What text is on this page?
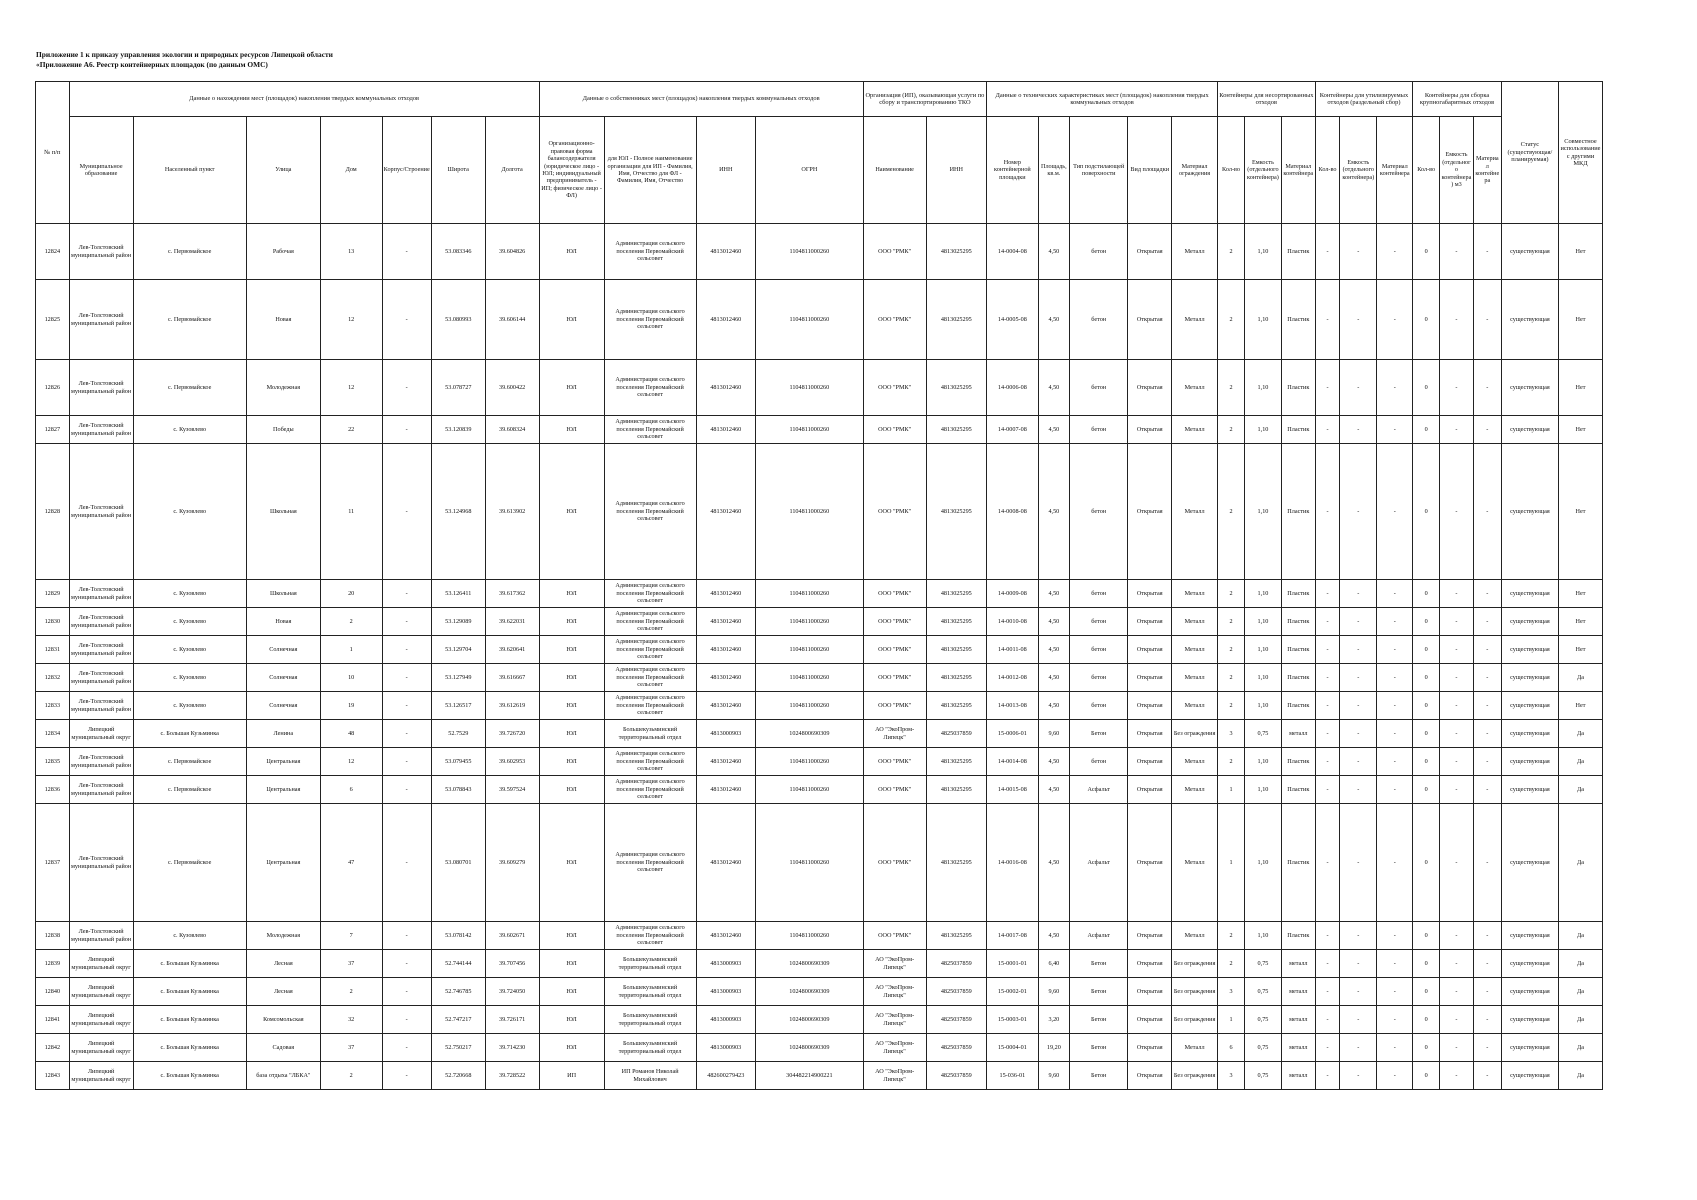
Приложение 1 к приказу управления экологии и природных ресурсов Липецкой области
«Приложение А6. Реестр контейнерных площадок (по данным ОМС)
№ п/п	Данные о нахождении мест (площадок) накопления твердых коммунальных отходов							Данные о собственниках мест (площадок) накопления твердых коммунальных отходов				Организация (ИП), оказывающая услуги по сбору и транспортированию ТКО		Данные о технических характеристиках мест (площадок) накопления твердых коммунальных отходов					Контейнеры для несортированных отходов			Контейнеры для утилизируемых отходов (раздельный сбор)			Контейнеры для сборка крупногабаритных отходов			Статус (существующая/планируемая)	Совместное использование с другими МКД
	Муниципальное образование	Населенный пункт	Улица	Дом	Корпус/Строение	Широта	Долгота	Организационно-правовая форма балансодержателя (юридическое лицо - ЮЛ; индивидуальный предприниматель - ИП; физическое лицо - ФЛ)	для ЮЛ - Полное наименование организации для ИП - Фамилия, Имя, Отчество для ФЛ - Фамилия, Имя, Отчество	ИНН	ОГРН	Наименование	ИНН	Номер контейнерной площадки	Площадь, кв.м.	Тип подстилающей поверхности	Вид площадки	Материал ограждения	Кол-во	Емкость (отдельного контейнера)	Материал контейнера	Кол-во	Емкость (отдельного контейнера)	Материал контейнера	Кол-во	Емкость (отдельного контейнера) м3	Материал контейнера		
12824	Лев-Толстовский муниципальный район	с. Первомайское	Рабочая	13	-	53.083346	39.604826	ЮЛ	Администрация сельского поселения Первомайский сельсовет	4813012460	1104811000260	ООО "РМК"	4813025295	14-0004-08	4,50	бетон	Открытая	Металл	2	1,10	Пластик	-	-	-	0	-	-	существующая	Нет
12825	Лев-Толстовский муниципальный район	с. Первомайское	Новая	12	-	53.080993	39.606144	ЮЛ	Администрация сельского поселения Первомайский сельсовет	4813012460	1104811000260	ООО "РМК"	4813025295	14-0005-08	4,50	бетон	Открытая	Металл	2	1,10	Пластик	-	-	-	0	-	-	существующая	Нет
12826	Лев-Толстовский муниципальный район	с. Первомайское	Молодежная	12	-	53.078727	39.600422	ЮЛ	Администрация сельского поселения Первомайский сельсовет	4813012460	1104811000260	ООО "РМК"	4813025295	14-0006-08	4,50	бетон	Открытая	Металл	2	1,10	Пластик	-	-	-	0	-	-	существующая	Нет
12827	Лев-Толстовский муниципальный район	с. Кузовлево	Победы	22	-	53.120839	39.608324	ЮЛ	Администрация сельского поселения Первомайский сельсовет	4813012460	1104811000260	ООО "РМК"	4813025295	14-0007-08	4,50	бетон	Открытая	Металл	2	1,10	Пластик	-	-	-	0	-	-	существующая	Нет
12828	Лев-Толстовский муниципальный район	с. Кузовлево	Школьная	11	-	53.124968	39.613902	ЮЛ	Администрация сельского поселения Первомайский сельсовет	4813012460	1104811000260	ООО "РМК"	4813025295	14-0008-08	4,50	бетон	Открытая	Металл	2	1,10	Пластик	-	-	-	0	-	-	существующая	Нет
12829	Лев-Толстовский муниципальный район	с. Кузовлево	Школьная	20	-	53.126411	39.617362	ЮЛ	Администрация сельского поселения Первомайский сельсовет	4813012460	1104811000260	ООО "РМК"	4813025295	14-0009-08	4,50	бетон	Открытая	Металл	2	1,10	Пластик	-	-	-	0	-	-	существующая	Нет
12830	Лев-Толстовский муниципальный район	с. Кузовлево	Новая	2	-	53.129089	39.622031	ЮЛ	Администрация сельского поселения Первомайский сельсовет	4813012460	1104811000260	ООО "РМК"	4813025295	14-0010-08	4,50	бетон	Открытая	Металл	2	1,10	Пластик	-	-	-	0	-	-	существующая	Нет
12831	Лев-Толстовский муниципальный район	с. Кузовлево	Солнечная	1	-	53.129704	39.620641	ЮЛ	Администрация сельского поселения Первомайский сельсовет	4813012460	1104811000260	ООО "РМК"	4813025295	14-0011-08	4,50	бетон	Открытая	Металл	2	1,10	Пластик	-	-	-	0	-	-	существующая	Нет
12832	Лев-Толстовский муниципальный район	с. Кузовлево	Солнечная	10	-	53.127949	39.616667	ЮЛ	Администрация сельского поселения Первомайский сельсовет	4813012460	1104811000260	ООО "РМК"	4813025295	14-0012-08	4,50	бетон	Открытая	Металл	2	1,10	Пластик	-	-	-	0	-	-	существующая	Да
12833	Лев-Толстовский муниципальный район	с. Кузовлево	Солнечная	19	-	53.126517	39.612619	ЮЛ	Администрация сельского поселения Первомайский сельсовет	4813012460	1104811000260	ООО "РМК"	4813025295	14-0013-08	4,50	бетон	Открытая	Металл	2	1,10	Пластик	-	-	-	0	-	-	существующая	Нет
12834	Липецкий муниципальный округ	с. Большая Кузьминка	Ленина	48	-	52.7529	39.726720	ЮЛ	Большекузьминский территориальный отдел	4813000903	1024800690309	АО "ЭкоПром-Липецк"	4825037859	15-0006-01	9,60	Бетон	Открытая	Без ограждения	3	0,75	металл	-	-	-	0	-	-	существующая	Да
12835	Лев-Толстовский муниципальный район	с. Первомайское	Центральная	12	-	53.079455	39.602953	ЮЛ	Администрация сельского поселения Первомайский сельсовет	4813012460	1104811000260	ООО "РМК"	4813025295	14-0014-08	4,50	бетон	Открытая	Металл	2	1,10	Пластик	-	-	-	0	-	-	существующая	Да
12836	Лев-Толстовский муниципальный район	с. Первомайское	Центральная	6	-	53.078843	39.597524	ЮЛ	Администрация сельского поселения Первомайский сельсовет	4813012460	1104811000260	ООО "РМК"	4813025295	14-0015-08	4,50	Асфальт	Открытая	Металл	1	1,10	Пластик	-	-	-	0	-	-	существующая	Да
12837	Лев-Толстовский муниципальный район	с. Первомайское	Центральная	47	-	53.080701	39.609279	ЮЛ	Администрация сельского поселения Первомайский сельсовет	4813012460	1104811000260	ООО "РМК"	4813025295	14-0016-08	4,50	Асфальт	Открытая	Металл	1	1,10	Пластик	-	-	-	0	-	-	существующая	Да
12838	Лев-Толстовский муниципальный район	с. Кузовлево	Молодежная	7	-	53.078142	39.602671	ЮЛ	Администрация сельского поселения Первомайский сельсовет	4813012460	1104811000260	ООО "РМК"	4813025295	14-0017-08	4,50	Асфальт	Открытая	Металл	2	1,10	Пластик	-	-	-	0	-	-	существующая	Да
12839	Липецкий муниципальный округ	с. Большая Кузьминка	Лесная	37	-	52.744144	39.707456	ЮЛ	Большекузьминский территориальный отдел	4813000903	1024800690309	АО "ЭкоПром-Липецк"	4825037859	15-0001-01	6,40	Бетон	Открытая	Без ограждения	2	0,75	металл	-	-	-	0	-	-	существующая	Да
12840	Липецкий муниципальный округ	с. Большая Кузьминка	Лесная	2	-	52.746785	39.724050	ЮЛ	Большекузьминский территориальный отдел	4813000903	1024800690309	АО "ЭкоПром-Липецк"	4825037859	15-0002-01	9,60	Бетон	Открытая	Без ограждения	3	0,75	металл	-	-	-	0	-	-	существующая	Да
12841	Липецкий муниципальный округ	с. Большая Кузьминка	Комсомольская	32	-	52.747217	39.726171	ЮЛ	Большекузьминский территориальный отдел	4813000903	1024800690309	АО "ЭкоПром-Липецк"	4825037859	15-0003-01	3,20	Бетон	Открытая	Без ограждения	1	0,75	металл	-	-	-	0	-	-	существующая	Да
12842	Липецкий муниципальный округ	с. Большая Кузьминка	Садовая	37	-	52.750217	39.714230	ЮЛ	Большекузьминский территориальный отдел	4813000903	1024800690309	АО "ЭкоПром-Липецк"	4825037859	15-0004-01	19,20	Бетон	Открытая	Металл	6	0,75	металл	-	-	-	0	-	-	существующая	Да
12843	Липецкий муниципальный округ	с. Большая Кузьминка	база отдыха "ЛБКА"	2	-	52.720668	39.728522	ИП	ИП Романов Николай Михайлович	482600279423	304482214900221	АО "ЭкоПром-Липецк"	4825037859	15-036-01	9,60	Бетон	Открытая	Без ограждения	3	0,75	металл	-	-	-	0	-	-	существующая	Да
